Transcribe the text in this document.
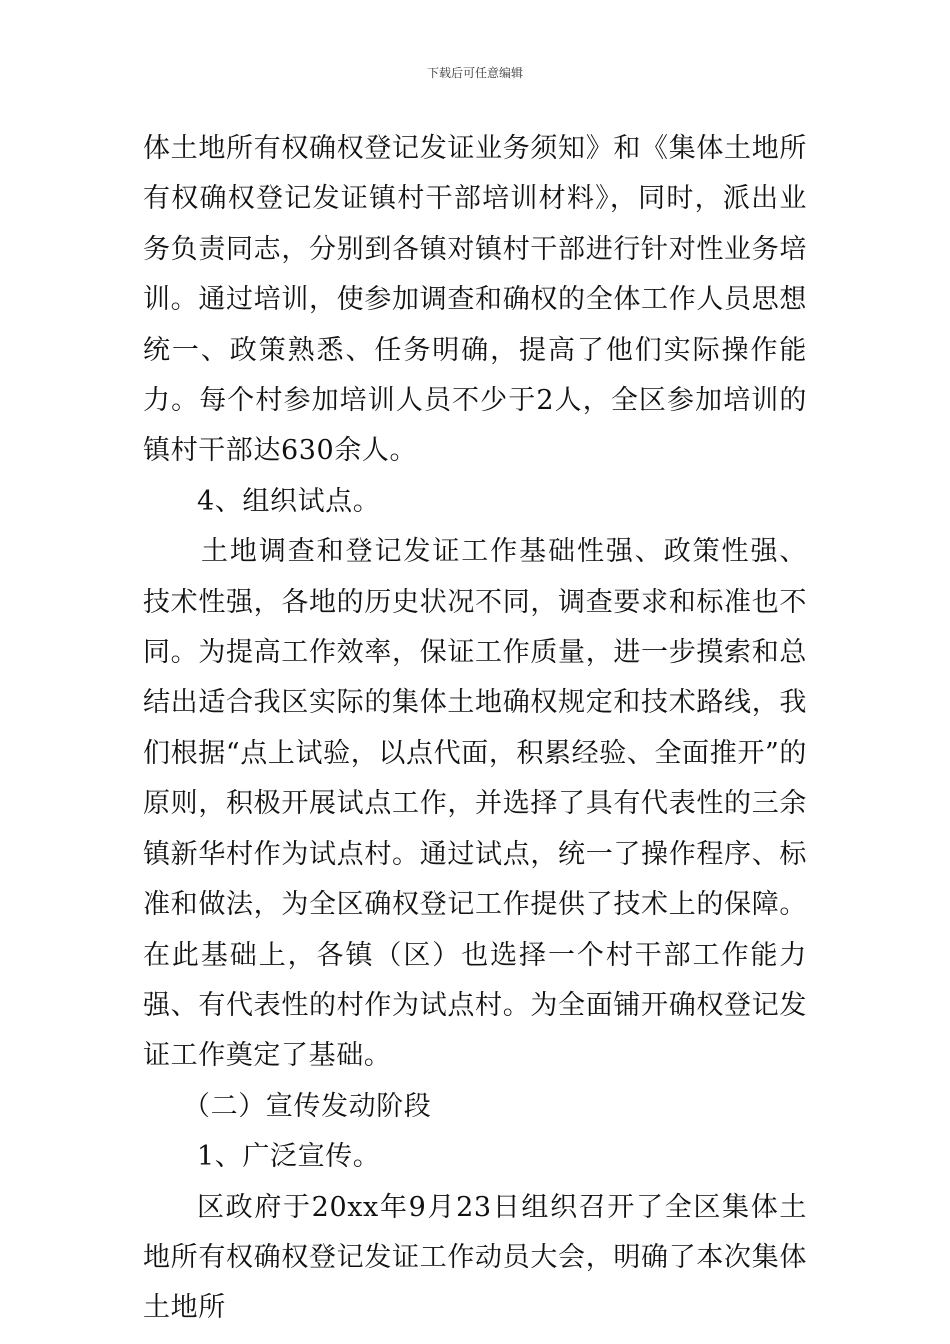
下载后可任意编辑

体土地所有权确权登记发证业务须知》和《集体土地所有权确权登记发证镇村干部培训材料》，同时，派出业务负责同志，分别到各镇对镇村干部进行针对性业务培训。通过培训，使参加调查和确权的全体工作人员思想统一、政策熟悉、任务明确，提高了他们实际操作能力。每个村参加培训人员不少于2人，全区参加培训的镇村干部达630余人。

4、组织试点。

土地调查和登记发证工作基础性强、政策性强、技术性强，各地的历史状况不同，调查要求和标准也不同。为提高工作效率，保证工作质量，进一步摸索和总结出适合我区实际的集体土地确权规定和技术路线，我们根据“点上试验，以点代面，积累经验、全面推开”的原则，积极开展试点工作，并选择了具有代表性的三余镇新华村作为试点村。通过试点，统一了操作程序、标准和做法，为全区确权登记工作提供了技术上的保障。在此基础上，各镇（区）也选择一个村干部工作能力强、有代表性的村作为试点村。为全面铺开确权登记发证工作奠定了基础。

（二）宣传发动阶段

1、广泛宣传。

区政府于20xx年9月23日组织召开了全区集体土地所有权确权登记发证工作动员大会，明确了本次集体土地所
